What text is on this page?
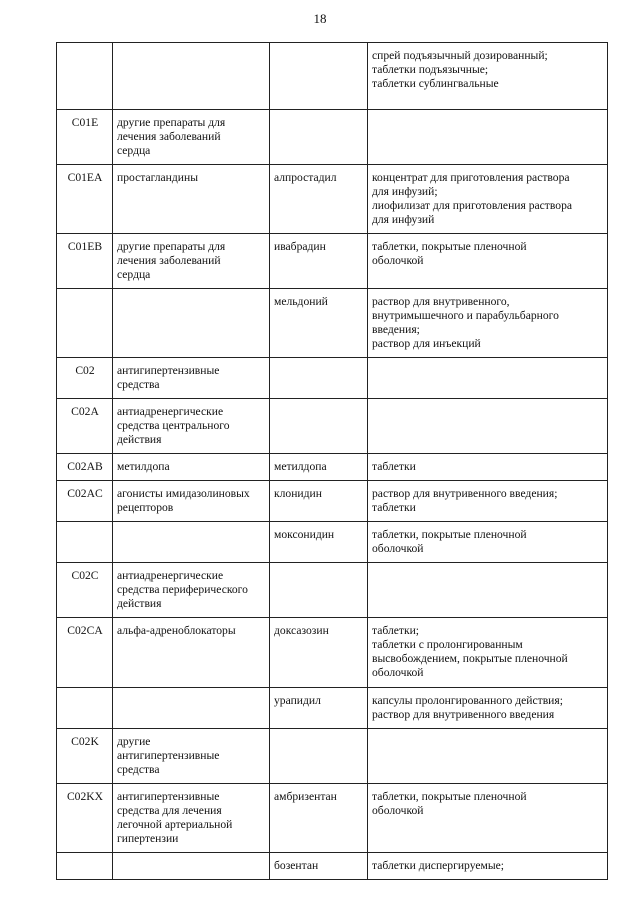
18

			спрей подъязычный дозированный;
таблетки подъязычные;
таблетки сублингвальные

C01E	другие препараты для
лечения заболеваний
сердца		

C01EA	простагландины	алпростадил	концентрат для приготовления раствора
для инфузий;
лиофилизат для приготовления раствора
для инфузий

C01EB	другие препараты для
лечения заболеваний
сердца	ивабрадин	таблетки, покрытые пленочной
оболочкой

		мельдоний	раствор для внутривенного,
внутримышечного и парабульбарного
введения;
раствор для инъекций

C02	антигипертензивные
средства		

C02A	антиадренергические
средства центрального
действия		

C02AB	метилдопа	метилдопа	таблетки

C02AC	агонисты имидазолиновых
рецепторов	клонидин	раствор для внутривенного введения;
таблетки

		моксонидин	таблетки, покрытые пленочной
оболочкой

C02C	антиадренергические
средства периферического
действия		

C02CA	альфа-адреноблокаторы	доксазозин	таблетки;
таблетки с пролонгированным
высвобождением, покрытые пленочной
оболочкой

		урапидил	капсулы пролонгированного действия;
раствор для внутривенного введения

C02K	другие
антигипертензивные
средства		

C02KX	антигипертензивные
средства для лечения
легочной артериальной
гипертензии	амбризентан	таблетки, покрытые пленочной
оболочкой

		бозентан	таблетки диспергируемые;
